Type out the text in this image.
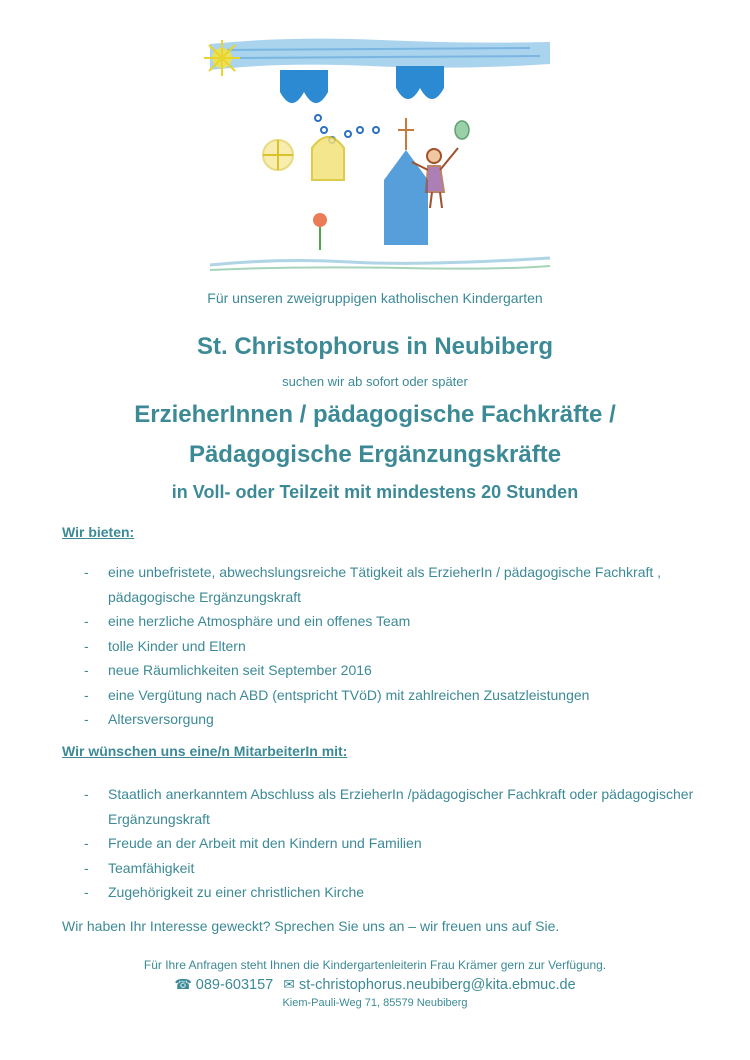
Für unseren zweigruppigen katholischen Kindergarten
St. Christophorus in Neubiberg
suchen wir ab sofort oder später
ErzieherInnen / pädagogische Fachkräfte /
Pädagogische Ergänzungskräfte
in Voll- oder Teilzeit mit mindestens 20 Stunden
Wir bieten:
- eine unbefristete, abwechslungsreiche Tätigkeit als ErzieherIn / pädagogische Fachkraft , pädagogische Ergänzungskraft
- eine herzliche Atmosphäre und ein offenes Team
- tolle Kinder und Eltern
- neue Räumlichkeiten seit September 2016
- eine Vergütung nach ABD (entspricht TVöD) mit zahlreichen Zusatzleistungen
- Altersversorgung
Wir wünschen uns eine/n MitarbeiterIn mit:
- Staatlich anerkanntem Abschluss als ErzieherIn /pädagogischer Fachkraft oder pädagogischer Ergänzungskraft
- Freude an der Arbeit mit den Kindern und Familien
- Teamfähigkeit
- Zugehörigkeit zu einer christlichen Kirche
Wir haben Ihr Interesse geweckt? Sprechen Sie uns an – wir freuen uns auf Sie.
Für Ihre Anfragen steht Ihnen die Kindergartenleiterin Frau Krämer gern zur Verfügung.
☎ 089-603157 ✉ st-christophorus.neubiberg@kita.ebmuc.de
Kiem-Pauli-Weg 71, 85579 Neubiberg
